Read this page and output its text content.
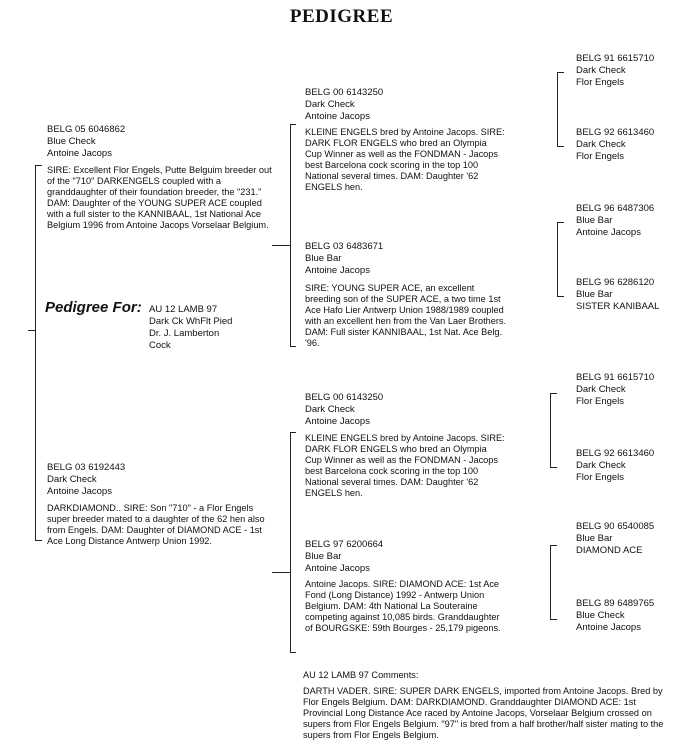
PEDIGREE
BELG 05 6046862
Blue Check
Antoine Jacops
SIRE: Excellent Flor Engels, Putte Belguim breeder out of the "710" DARKENGELS coupled with a granddaughter of their foundation breeder, the "231." DAM: Daughter of the YOUNG SUPER ACE coupled with a full sister to the KANNIBAAL, 1st National Ace Belgium 1996 from Antoine Jacops Vorselaar Belgium.
Pedigree For: AU 12 LAMB 97
Dark Ck WhFlt Pied
Dr. J. Lamberton
Cock
BELG 03 6192443
Dark Check
Antoine Jacops
DARKDIAMOND.. SIRE: Son "710" - a Flor Engels super breeder mated to a daughter of the 62 hen also from Engels. DAM: Daughter of DIAMOND ACE - 1st Ace Long Distance Antwerp Union 1992.
BELG 00 6143250
Dark Check
Antoine Jacops
KLEINE ENGELS bred by Antoine Jacops. SIRE: DARK FLOR ENGELS who bred an Olympia Cup Winner as well as the FONDMAN - Jacops best Barcelona cock scoring in the top 100 National several times. DAM: Daughter '62 ENGELS hen.
BELG 03 6483671
Blue Bar
Antoine Jacops
SIRE: YOUNG SUPER ACE, an excellent breeding son of the SUPER ACE, a two time 1st Ace Hafo Lier Antwerp Union 1988/1989 coupled with an excellent hen from the Van Laer Brothers. DAM: Full sister KANNIBAAL, 1st Nat. Ace Belg. '96.
BELG 00 6143250
Dark Check
Antoine Jacops
KLEINE ENGELS bred by Antoine Jacops. SIRE: DARK FLOR ENGELS who bred an Olympia Cup Winner as well as the FONDMAN - Jacops best Barcelona cock scoring in the top 100 National several times. DAM: Daughter '62 ENGELS hen.
BELG 97 6200664
Blue Bar
Antoine Jacops
Antoine Jacops. SIRE: DIAMOND ACE: 1st Ace Fond (Long Distance) 1992 - Antwerp Union Belgium. DAM: 4th National La Souteraine competing against 10,085 birds. Granddaughter of BOURGSKE: 59th Bourges - 25,179 pigeons.
BELG 91 6615710
Dark Check
Flor Engels
BELG 92 6613460
Dark Check
Flor Engels
BELG 96 6487306
Blue Bar
Antoine Jacops
BELG 96 6286120
Blue Bar
SISTER KANIBAAL
BELG 91 6615710
Dark Check
Flor Engels
BELG 92 6613460
Dark Check
Flor Engels
BELG 90 6540085
Blue Bar
DIAMOND ACE
BELG 89 6489765
Blue Check
Antoine Jacops
AU 12 LAMB 97 Comments:
DARTH VADER. SIRE: SUPER DARK ENGELS, imported from Antoine Jacops. Bred by Flor Engels Belgium. DAM: DARKDIAMOND. Granddaughter DIAMOND ACE: 1st Provincial Long Distance Ace raced by Antoine Jacops, Vorselaar Belgium crossed on supers from Flor Engels Belgium. "97" is bred from a half brother/half sister mating to the supers from Flor Engels Belgium.
